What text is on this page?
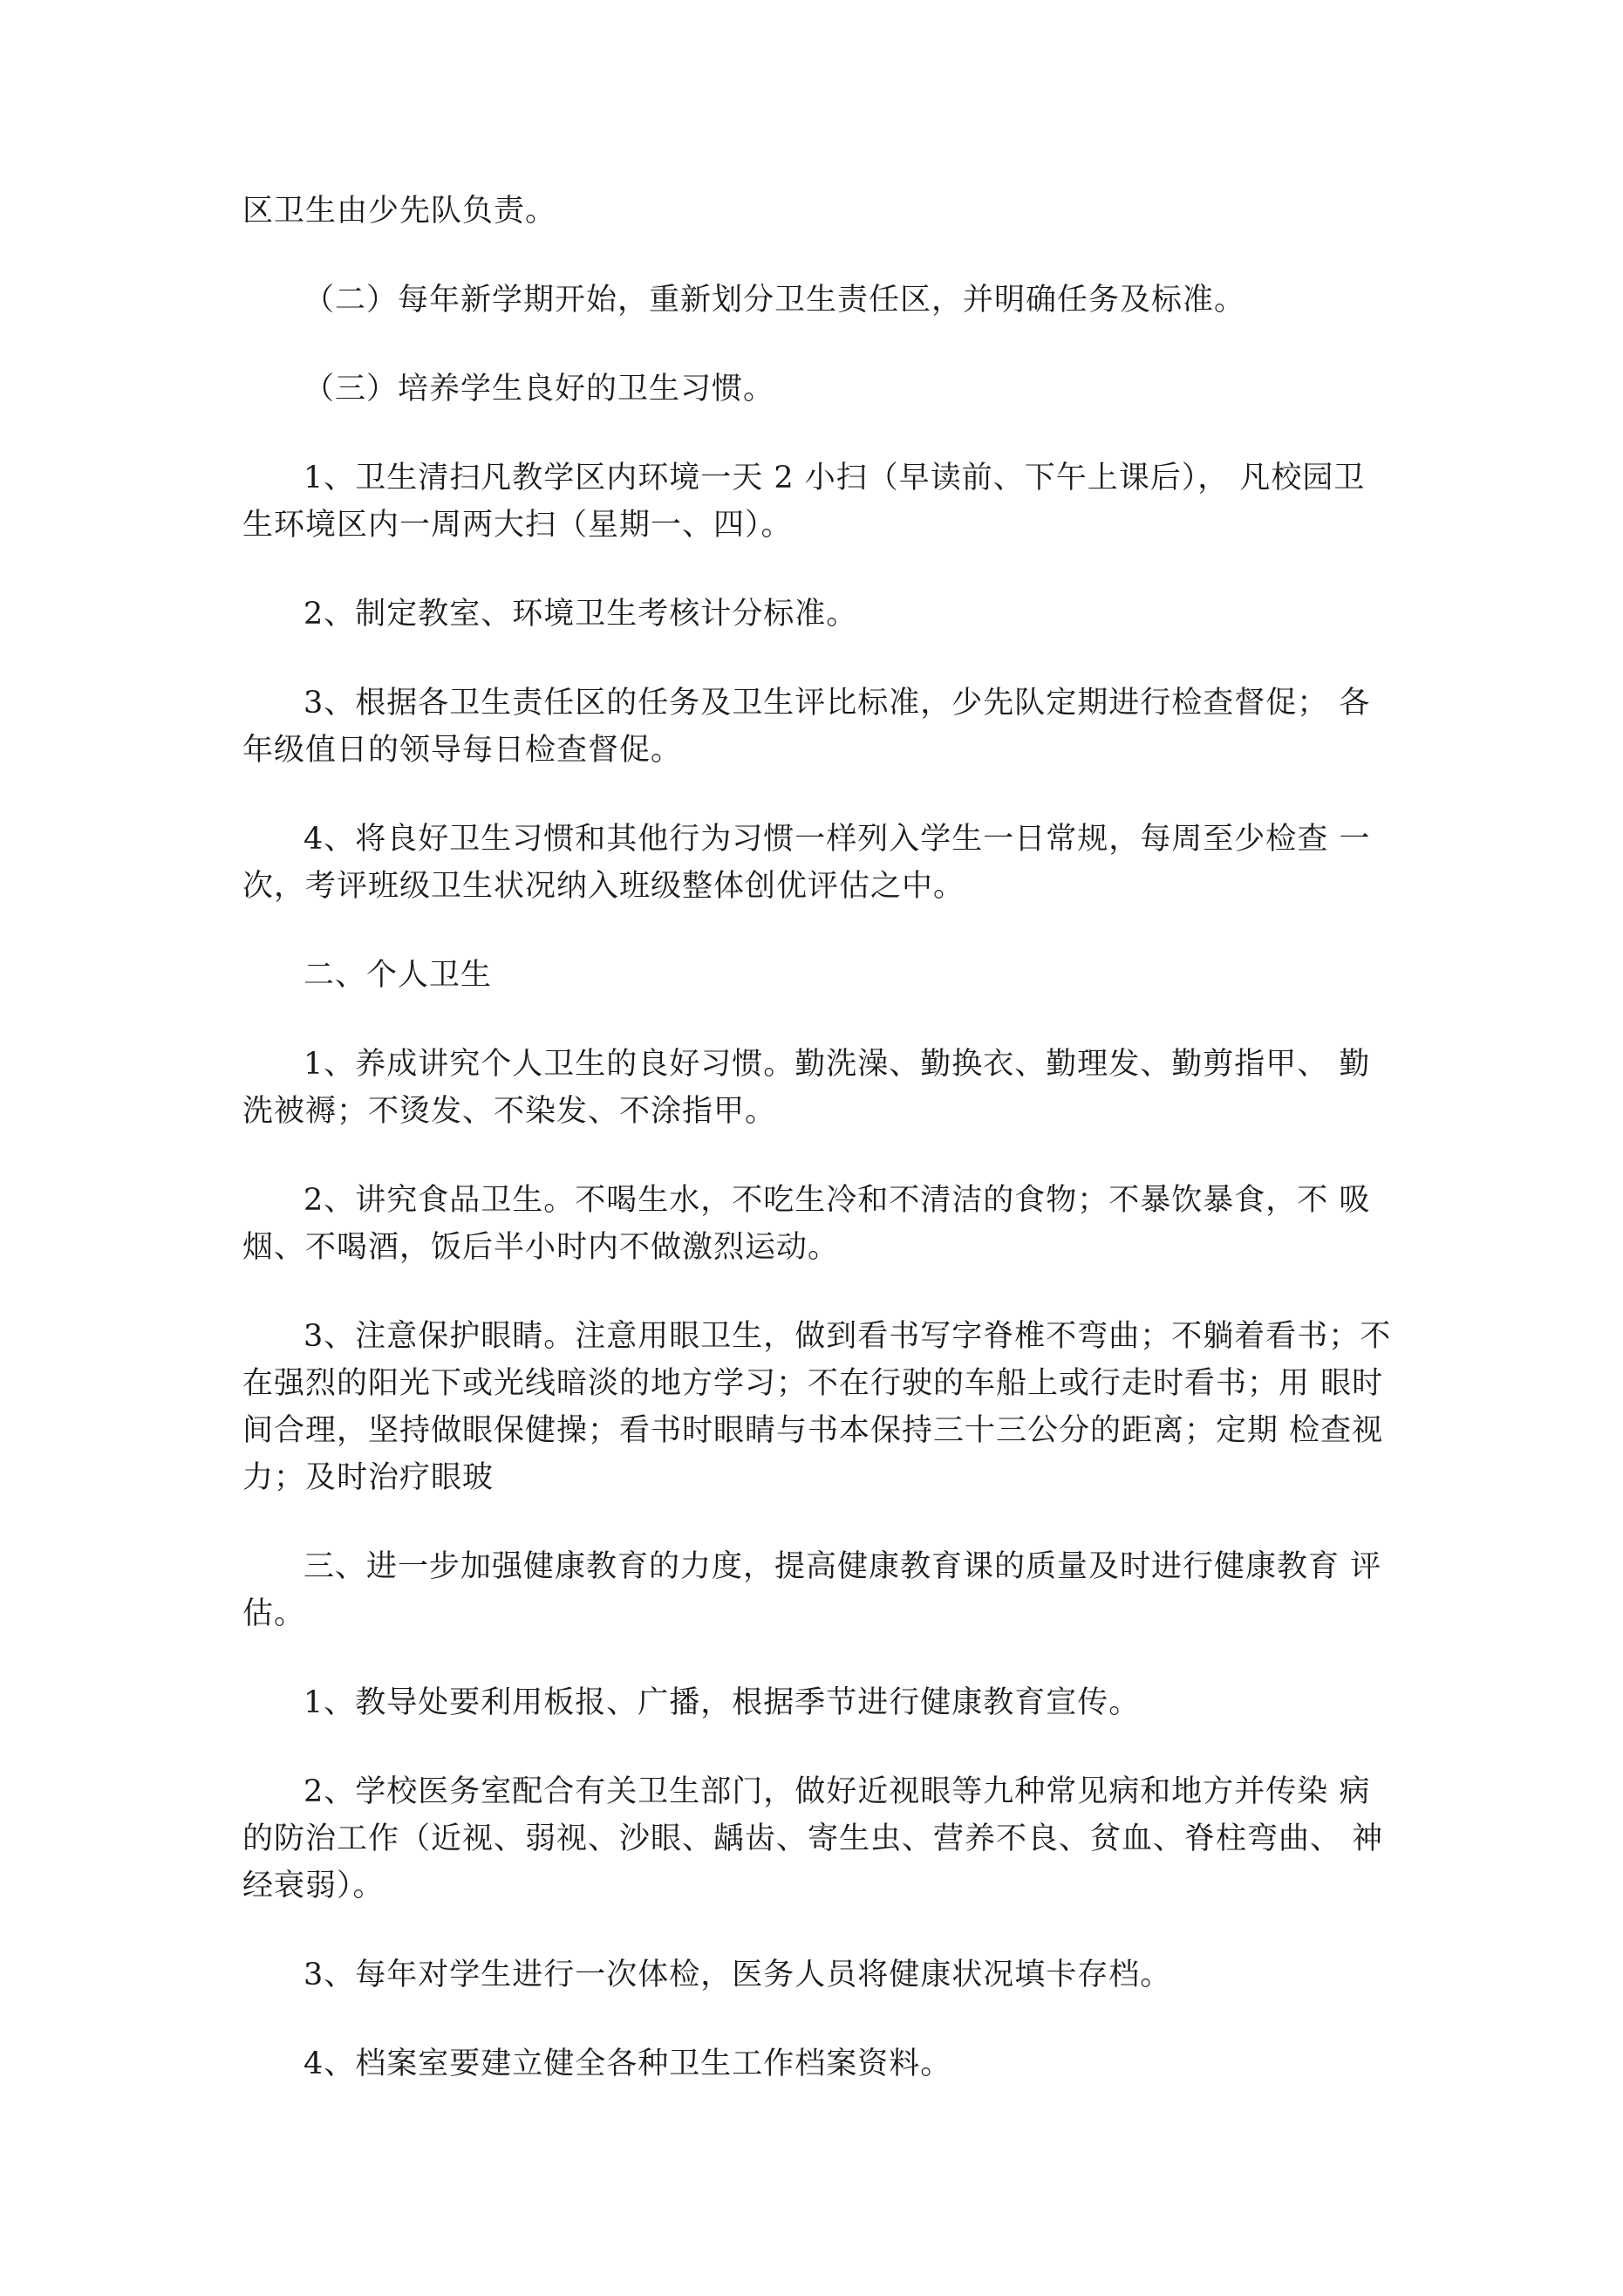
区卫生由少先队负责。

（二）每年新学期开始，重新划分卫生责任区，并明确任务及标准。

（三）培养学生良好的卫生习惯。

1、卫生清扫凡教学区内环境一天 2 小扫（早读前、下午上课后）， 凡校园卫生环境区内一周两大扫（星期一、四）。

2、制定教室、环境卫生考核计分标准。

3、根据各卫生责任区的任务及卫生评比标准，少先队定期进行检查督促； 各年级值日的领导每日检查督促。

4、将良好卫生习惯和其他行为习惯一样列入学生一日常规，每周至少检查 一次，考评班级卫生状况纳入班级整体创优评估之中。

二、个人卫生

1、养成讲究个人卫生的良好习惯。勤洗澡、勤换衣、勤理发、勤剪指甲、 勤洗被褥；不烫发、不染发、不涂指甲。

2、讲究食品卫生。不喝生水，不吃生冷和不清洁的食物；不暴饮暴食，不 吸烟、不喝酒，饭后半小时内不做激烈运动。

3、注意保护眼睛。注意用眼卫生，做到看书写字脊椎不弯曲；不躺着看书；不在强烈的阳光下或光线暗淡的地方学习；不在行驶的车船上或行走时看书；用 眼时间合理，坚持做眼保健操；看书时眼睛与书本保持三十三公分的距离；定期 检查视力；及时治疗眼玻

三、进一步加强健康教育的力度，提高健康教育课的质量及时进行健康教育 评估。

1、教导处要利用板报、广播，根据季节进行健康教育宣传。

2、学校医务室配合有关卫生部门，做好近视眼等九种常见病和地方并传染 病的防治工作（近视、弱视、沙眼、龋齿、寄生虫、营养不良、贫血、脊柱弯曲、 神经衰弱）。

3、每年对学生进行一次体检，医务人员将健康状况填卡存档。

4、档案室要建立健全各种卫生工作档案资料。
